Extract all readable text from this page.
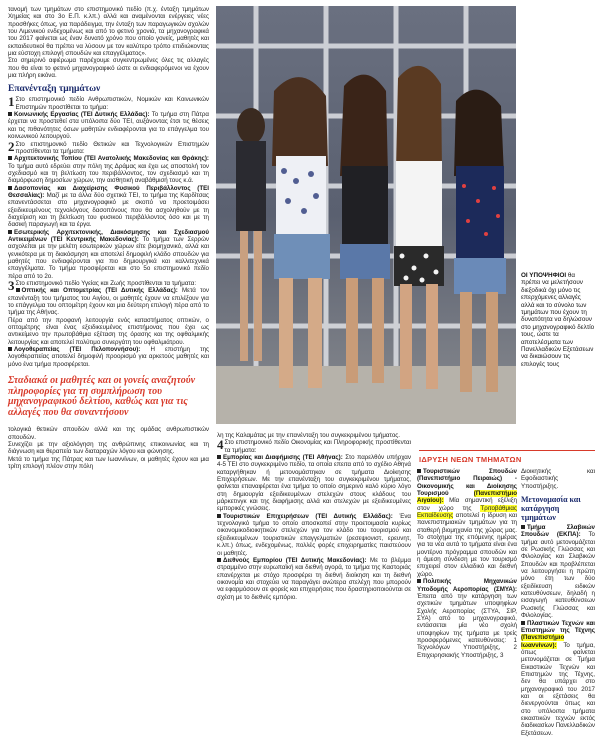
τανομή των τμημάτων στο επιστημονικό πεδίο (π.χ. ένταξη τμημάτων Χημείας και στο 3ο Ε.Π. κ.λπ.) αλλά και αναμένονται ενέργειες νέες προσθήκες όπως, για παράδειγμα, την ένταξη των παραγωγικών σχολών του Λιμενικού ενδεχομένως και από το φετινό χρονιά, τα μηχανογραφικά του 2017 φαίνεται ως έναν δυνατό χρόνο που οποίο γονείς, μαθητές και εκπαιδευτικοί θα πρέπει να λύσουν με τον καλύτερο τρόπο επιδιώκοντας μια εύστοχη επιλογή σπουδών και επαγγέλματος».

Στο σημερινό αφιέρωμα παρέχουμε συγκεντρωμένες όλες τις αλλαγές που θα είναι το φετινό μηχανογραφικό ώστε οι ενδιαφερόμενοι να έχουν μια πλήρη εικόνα.

Επανένταξη τμημάτων

1 Στο επιστημονικό πεδίο Ανθρωπιστικών, Νομικών και Κοινωνικών Επιστημών προστίθεται το τμήμα:

Κοινωνικής Εργασίας (ΤΕΙ Δυτικής Ελλάδας): Το τμήμα στη Πάτρα έρχεται να προστεθεί στα υπόλοιπα δύο ΤΕΙ, αυξάνοντας έτσι τις θέσεις και τις πιθανότητες όσων μαθητών ενδιαφέρονται για το επάγγελμα του κοινωνικού λειτουργού.

2 Στο επιστημονικό πεδίο Θετικών και Τεχνολογικών Επιστημών προστίθενται τα τμήματα:

Αρχιτεκτονικής Τοπίου (ΤΕΙ Ανατολικής Μακεδονίας και Θράκης): Το τμήμα αυτό εδρεύει στην πόλη της Δράμας και έχει ως αποστολή τον σχεδιασμό και τη βελτίωση του περιβάλλοντος, τον σχεδιασμό και τη διαμόρφωση δημοσίων χώρων, την αισθητική αναβάθμισή τους κ.ά.

Δασοπονίας και Διαχείρισης Φυσικού Περιβάλλοντος (ΤΕΙ Θεσσαλίας): Μαζί με τα άλλα δύο σχετικά ΤΕΙ, το τμήμα της Καρδίτσας επανεντάσσεται στο μηχανογραφικό με σκοπό να προετοιμάσει εξειδικευμένους τεχνολόγους δασοπόνους που θα ασχοληθούν με τη διαχείριση και τη βελτίωση του φυσικού περιβάλλοντος όσο και με τη δασική παραγωγή και τα έργα.

Εσωτερικής Αρχιτεκτονικής, Διακόσμησης και Σχεδιασμού Αντικειμένων (ΤΕΙ Κεντρικής Μακεδονίας): Το τμήμα των Σερρών ασχολείται με την μελέτη εσωτερικών χώρων είτε βιομηχανικό, αλλά και γενικότερα με τη διακόσμηση και αποτελεί δημοφιλή κλάδο σπουδών για μαθητές που ενδιαφέρονται για πιο δημιουργικά και καλλιτεχνικά επαγγέλματα. Το τμήμα προσφέρεται και στο 5ο επιστημονικό πεδίο πέρα από το 2ο.

3 Στο επιστημονικό πεδίο Υγείας και Ζωής προστίθενται τα τμήματα:

Οπτικής και Οπτομετρίας (ΤΕΙ Δυτικής Ελλάδας): Μετά τον επανένταξη του τμήματος του Αιγίου, οι μαθητές έχουν να επιλέξουν για το επάγγελμα του οπτομέτρη έχουν και μια δεύτερη επιλογή πέρα από το τμήμα της Αθήνας.

Πέρα από την προφανή λειτουργία ενός καταστήματος οπτικών, ο οπτομέτρης είναι ένας εξειδικευμένος επιστήμονας που έχει ως αντικείμενο την πρωτοβάθμια εξέταση της όρασης και της οφθαλμικής λειτουργίας και αποτελεί πολύτιμο συνεργάτη του οφθαλμιάτρου.

Λογοθεραπείας (ΤΕΙ Πελοποννήσου): Η επιστήμη της λογοθεραπείας αποτελεί δημοφιλή προορισμό για αρκετούς μαθητές και μόνο ένα τμήμα προσφέρεται.

Σταδιακά οι μαθητές και οι γονείς αναζητούν πληροφορίες για τη συμπλήρωση του μηχανογραφικού δελτίου, καθώς και για τις αλλαγές που θα συναντήσουν

τολογικά θετικών σπουδών αλλά και της ομάδας ανθρωπιστικών σπουδών.

Συνεχίζει με την αξιολόγηση της ανθρώπινης επικοινωνίας και τη διάγνωση και θεραπεία των διαταραχών λόγου και φώνησης.

Μετά το τμήμα της Πάτρας και των Ιωαννίνων, οι μαθητές έχουν και μια τρίτη επιλογή πλέον στην πόλη

ΟΙ ΥΠΟΨΗΦΙΟΙ θα πρέπει να μελετήσουν διεξοδικά όχι μόνο τις επερχόμενες αλλαγές αλλά και το σύνολο των τμημάτων που έχουν τη δυνατότητα να δηλώσουν στο μηχανογραφικό δελτίο τους, ώστε τα αποτελέσματα των Πανελλαδικών Εξετάσεων να δικαιώσουν τις επιλογές τους

λη της Καλαμάτας με την επανένταξη του συγκεκριμένου τμήματος.

4 Στο επιστημονικό πεδίο Οικονομίας και Πληροφορικής προστίθενται τα τμήματα:

Εμπορίας και Διαφήμισης (ΤΕΙ Αθήνας): Στο παρελθόν υπήρχαν 4-5 ΤΕΙ στο συγκεκριμένο πεδίο, τα οποία επειτα από το σχέδιο Αθηνά καταργήθηκαν ή μετονομάστηκαν σε τμήματα Διοίκησης Επιχειρήσεων. Με την επανένταξη του συγκεκριμένου τμήματος, φαίνεται επαναφέρεται ένα τμήμα το οποίο σημερινό καλό κύριο λόγο στη δημιουργία εξειδικευμένων στελεχών στους κλάδους του μάρκετινγκ και της διαφήμισης αλλά και στελεχών με εξειδικευμένες εμπορικές γνώσεις.

Τουριστικών Επιχειρήσεων (ΤΕΙ Δυτικής Ελλάδας): Ένα τεχνολογικό τμήμα το οποίο αποσκοπεί στην προετοιμασία κυρίως οικονομικοδιοικητικών στελεχών για τον κλάδο του τουρισμού και εξειδικευμένων τουριστικών επαγγελματιών (ρεσεψιονιστ, ερευνητ, κ.λπ.) όπως, ενδεχομένως, πολλές φορές επιχειρηματίες παιστεύουν οι μαθητές.

Διεθνούς Εμπορίου (ΤΕΙ Δυτικής Μακεδονίας): Με το βλέμμα στραμμένο στην ευρωπαϊκή και διεθνή αγορά, το τμήμα της Καστοριάς επανέρχεται με στόχο προσφέρει τη διεθνή διοίκηση και τη διεθνή οικονομία και στοχεύει να παραγάγει ανώτερα στελέχη που μπορούν να εφαρμόσουν σε φορείς και επιχειρήσεις που δραστηριοποιούνται σε σχέση με το διεθνές εμπόριο.

ΙΔΡΥΣΗ ΝΕΩΝ ΤΜΗΜΑΤΩΝ

Τουριστικών Σπουδών (Πανεπιστήμιο Πειραιώς) - Οικονομικής και Διοίκησης Τουρισμού	(Πανεπιστήμιο Αιγαίου): Μία σημαντική εξέλιξη στον χώρο της Τριτοβάθμιας Εκπαίδευσης αποτελεί η ίδρυση και πανεπιστημιακών τμημάτων για τη σταθερή βιομηχανία της χώρας μας. Το στοίχημα της επόμενης ημέρας για τα νέα αυτά το τμήματα είναι ένα μοντέρνο πρόγραμμα σπουδών και η άμεση σύνδεση με τον τουρισμό επιχειρεί στον ελλαδικό και διεθνή χώρο.

Πολιτικής Μηχανικών Υποδομής Αεροπορίας (ΣΜΥΑ): Έπειτα από την κατάργηση των σχετικών τμημάτων υποψηφίων Σχολής Αεροπορίας (ΣΤΥΑ, ΣΙΡ, ΣΥΑ) από το μηχανογραφικό, εντάσσεται μία νέο σχολή υποψηφίων της τμήματα με τρείς προσφερόμενες κατευθύνσεις: 1 Τεχνολόγων Υποστήριξης, 2 Επιχειρησιακής Υποστήριξης, 3

Διοικητικής και Εφοδιαστικής Υποστήριξης.

Μετονομασία και κατάργηση τμημάτων

Τμήμα Σλαβικών Σπουδών (ΕΚΠΑ): Το τμήμα αυτό μετονομάζεται σε Ρωσικής Γλώσσας και Φιλολογίας και Σλαβικών Σπουδών και προβλέπεται να λειτουργήσει η πρώτη μόνο έτη των δύο εξειδίκευση ειδικών κατευθύνσεων, δηλαδή η εισαγωγή κατευθύνσεων Ρωσικής Γλώσσας και Φιλολογίας.

Πλαστικών Τεχνών και Επιστημών της Τέχνης (Πανεπιστήμιο Ιωαννίνων): Το τμήμα, όπως φαίνεται μετονομάζεται σε Τμήμα Εικαστικών Τεχνών και Επιστημών της Τέχνης, δεν θα υπάρχει στο μηχανογραφικό του 2017 και οι εξετάσεις θα διενεργούνται όπως και στο υπόλοιπα τμήματα εικαστικών τεχνών εκτός διαδικασίων Πανελλαδικών Εξετάσεων.
